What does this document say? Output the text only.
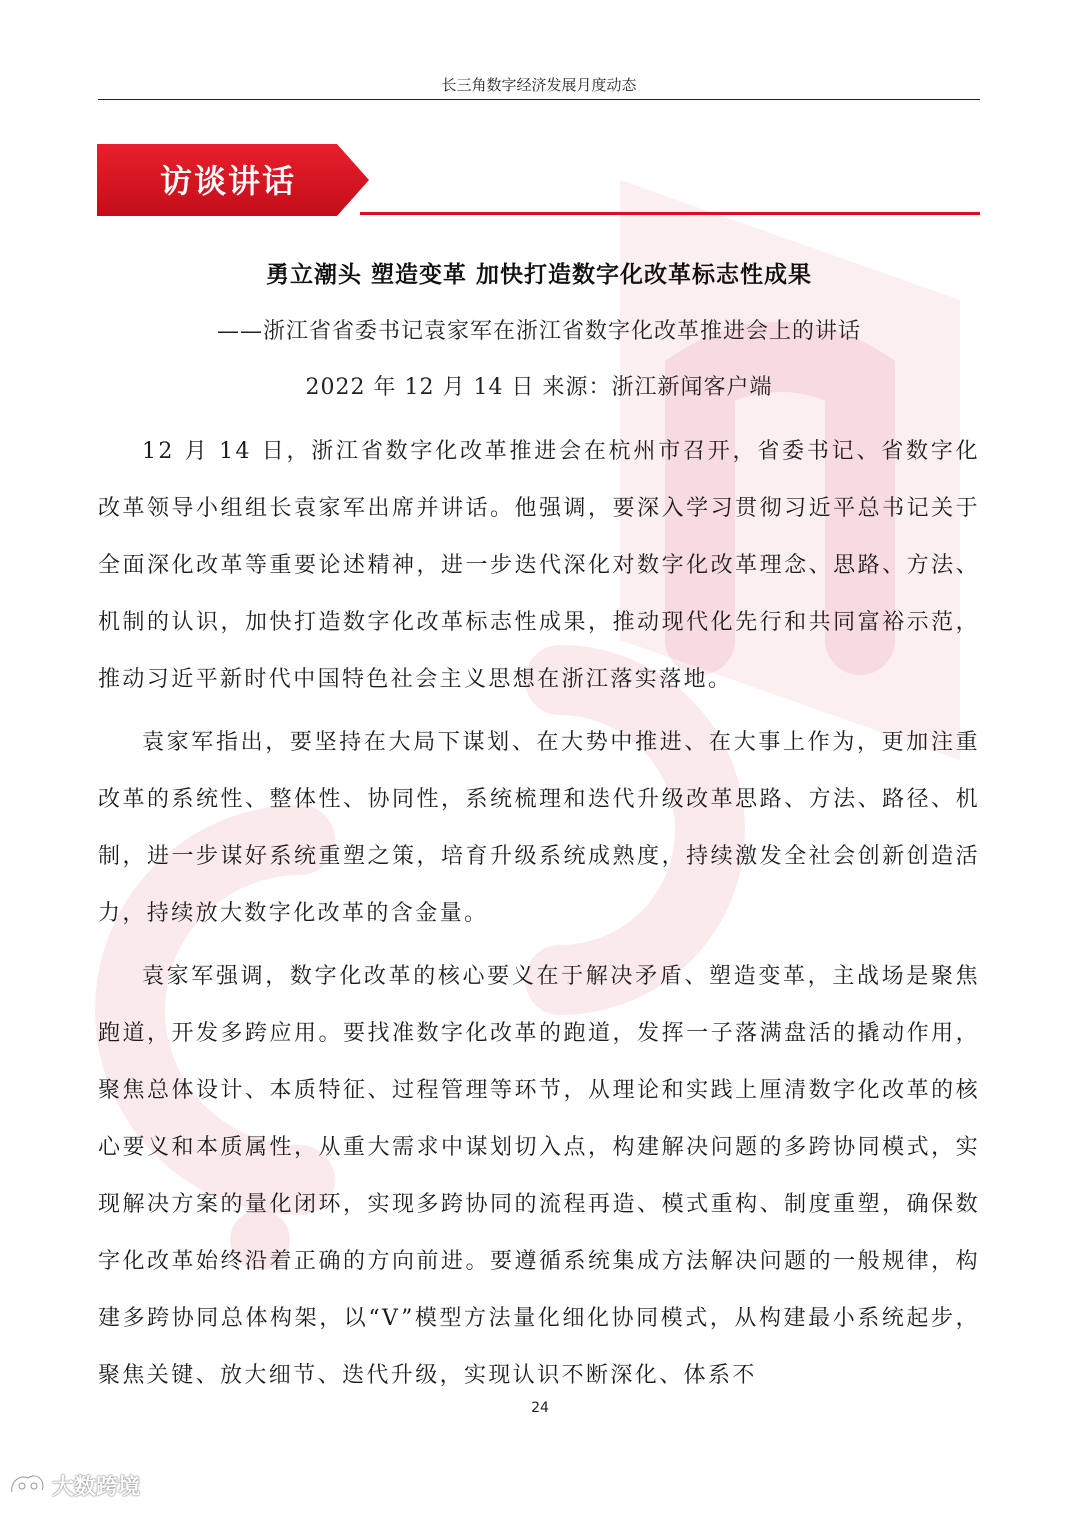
长三角数字经济发展月度动态
访谈讲话
勇立潮头 塑造变革 加快打造数字化改革标志性成果
——浙江省省委书记袁家军在浙江省数字化改革推进会上的讲话
2022 年 12 月 14 日 来源：浙江新闻客户端

12 月 14 日，浙江省数字化改革推进会在杭州市召开，省委书记、省数字化改革领导小组组长袁家军出席并讲话。他强调，要深入学习贯彻习近平总书记关于全面深化改革等重要论述精神，进一步迭代深化对数字化改革理念、思路、方法、机制的认识，加快打造数字化改革标志性成果，推动现代化先行和共同富裕示范，推动习近平新时代中国特色社会主义思想在浙江落实落地。

袁家军指出，要坚持在大局下谋划、在大势中推进、在大事上作为，更加注重改革的系统性、整体性、协同性，系统梳理和迭代升级改革思路、方法、路径、机制，进一步谋好系统重塑之策，培育升级系统成熟度，持续激发全社会创新创造活力，持续放大数字化改革的含金量。

袁家军强调，数字化改革的核心要义在于解决矛盾、塑造变革，主战场是聚焦跑道，开发多跨应用。要找准数字化改革的跑道，发挥一子落满盘活的撬动作用，聚焦总体设计、本质特征、过程管理等环节，从理论和实践上厘清数字化改革的核心要义和本质属性，从重大需求中谋划切入点，构建解决问题的多跨协同模式，实现解决方案的量化闭环，实现多跨协同的流程再造、模式重构、制度重塑，确保数字化改革始终沿着正确的方向前进。要遵循系统集成方法解决问题的一般规律，构建多跨协同总体构架，以“V”模型方法量化细化协同模式，从构建最小系统起步，聚焦关键、放大细节、迭代升级，实现认识不断深化、体系不

24
大数跨境
